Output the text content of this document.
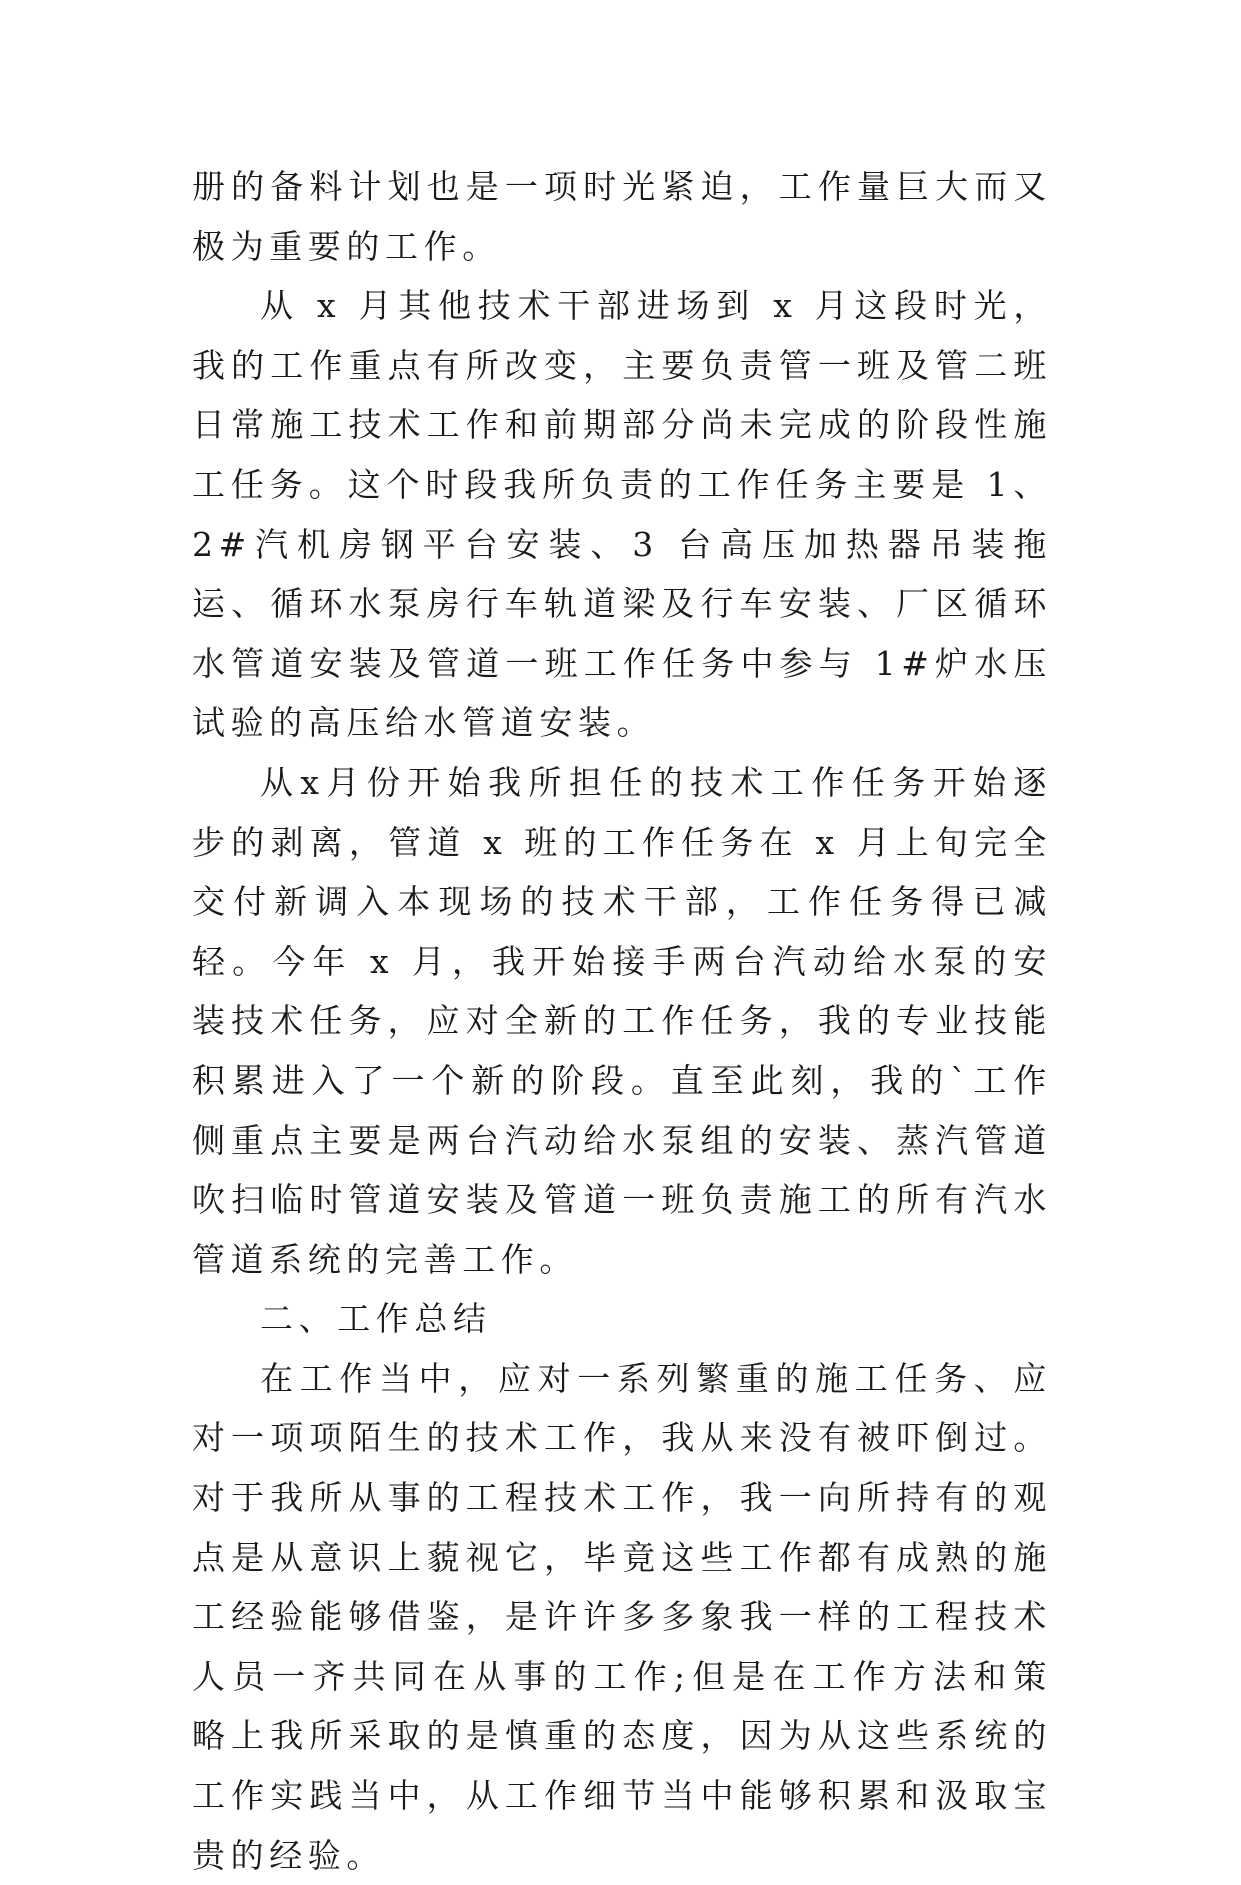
册的备料计划也是一项时光紧迫，工作量巨大而又极为重要的工作。

从 x 月其他技术干部进场到 x 月这段时光，我的工作重点有所改变，主要负责管一班及管二班日常施工技术工作和前期部分尚未完成的阶段性施工任务。这个时段我所负责的工作任务主要是 1、2#汽机房钢平台安装、3 台高压加热器吊装拖运、循环水泵房行车轨道梁及行车安装、厂区循环水管道安装及管道一班工作任务中参与 1#炉水压试验的高压给水管道安装。

从x月份开始我所担任的技术工作任务开始逐步的剥离，管道 x 班的工作任务在 x 月上旬完全交付新调入本现场的技术干部，工作任务得已减轻。今年 x 月，我开始接手两台汽动给水泵的安装技术任务，应对全新的工作任务，我的专业技能积累进入了一个新的阶段。直至此刻，我的`工作侧重点主要是两台汽动给水泵组的安装、蒸汽管道吹扫临时管道安装及管道一班负责施工的所有汽水管道系统的完善工作。

二、工作总结

在工作当中，应对一系列繁重的施工任务、应对一项项陌生的技术工作，我从来没有被吓倒过。对于我所从事的工程技术工作，我一向所持有的观点是从意识上藐视它，毕竟这些工作都有成熟的施工经验能够借鉴，是许许多多象我一样的工程技术人员一齐共同在从事的工作;但是在工作方法和策略上我所采取的是慎重的态度，因为从这些系统的工作实践当中，从工作细节当中能够积累和汲取宝贵的经验。
